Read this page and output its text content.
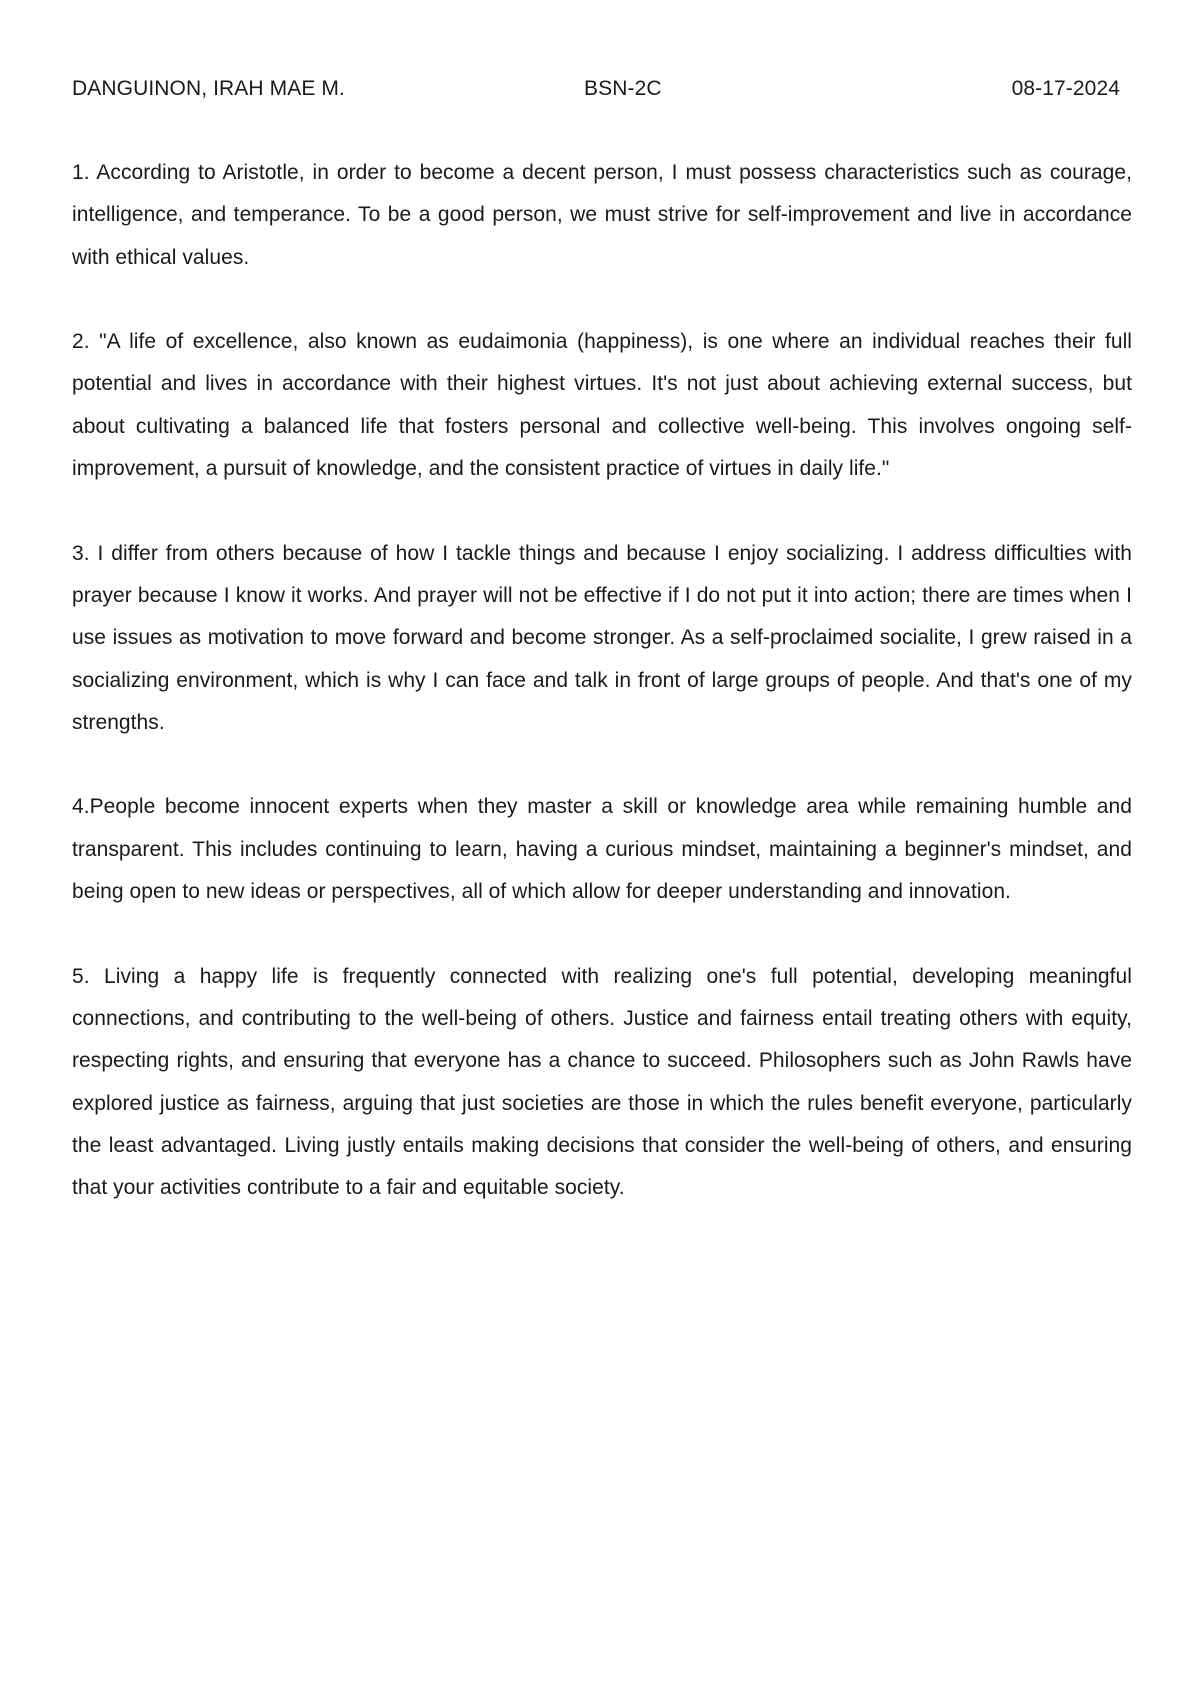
DANGUINON, IRAH MAE M.	BSN-2C	08-17-2024

1. According to Aristotle, in order to become a decent person, I must possess characteristics such as courage, intelligence, and temperance. To be a good person, we must strive for self-improvement and live in accordance with ethical values.

2. "A life of excellence, also known as eudaimonia (happiness), is one where an individual reaches their full potential and lives in accordance with their highest virtues. It's not just about achieving external success, but about cultivating a balanced life that fosters personal and collective well-being. This involves ongoing self-improvement, a pursuit of knowledge, and the consistent practice of virtues in daily life."

3. I differ from others because of how I tackle things and because I enjoy socializing. I address difficulties with prayer because I know it works. And prayer will not be effective if I do not put it into action; there are times when I use issues as motivation to move forward and become stronger. As a self-proclaimed socialite, I grew raised in a socializing environment, which is why I can face and talk in front of large groups of people. And that's one of my strengths.

4.People become innocent experts when they master a skill or knowledge area while remaining humble and transparent. This includes continuing to learn, having a curious mindset, maintaining a beginner's mindset, and being open to new ideas or perspectives, all of which allow for deeper understanding and innovation.

5. Living a happy life is frequently connected with realizing one's full potential, developing meaningful connections, and contributing to the well-being of others. Justice and fairness entail treating others with equity, respecting rights, and ensuring that everyone has a chance to succeed. Philosophers such as John Rawls have explored justice as fairness, arguing that just societies are those in which the rules benefit everyone, particularly the least advantaged. Living justly entails making decisions that consider the well-being of others, and ensuring that your activities contribute to a fair and equitable society.
